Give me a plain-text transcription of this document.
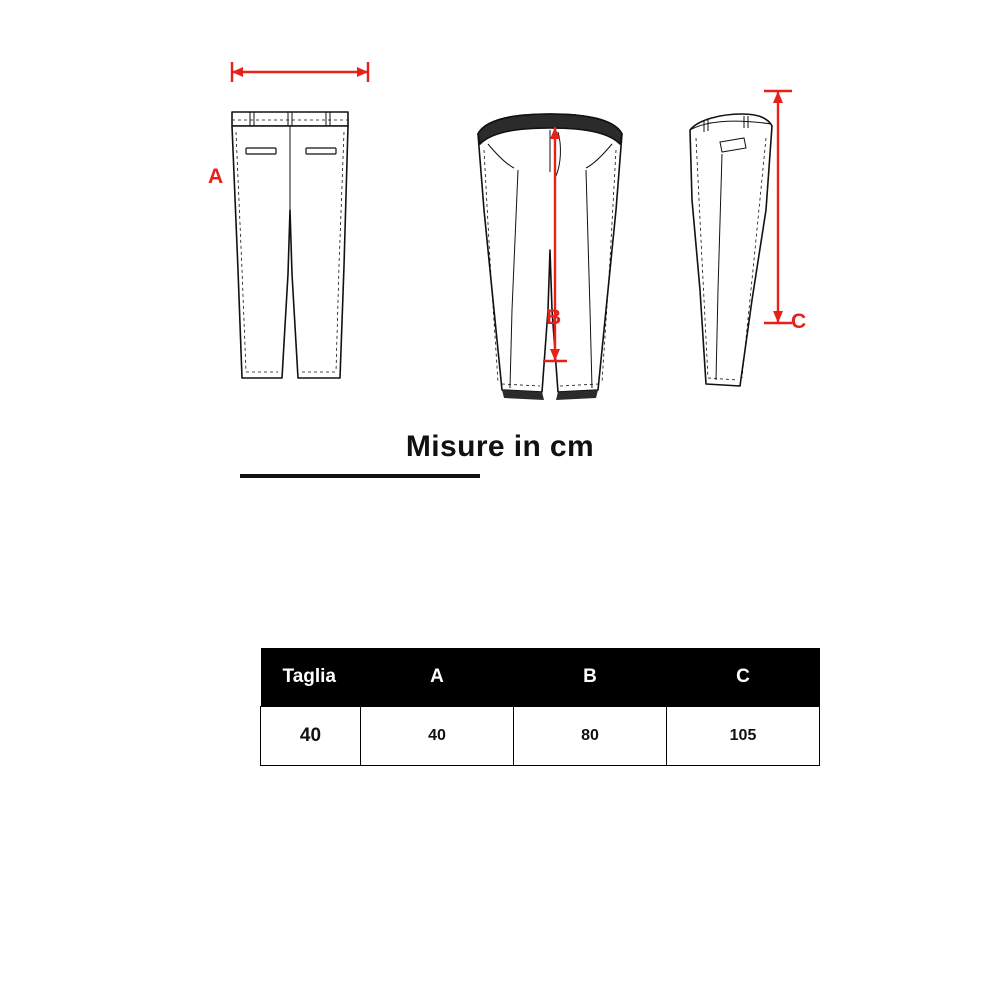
A
B	C
Misure in cm
Taglia	A	B	C
40	40	80	105
